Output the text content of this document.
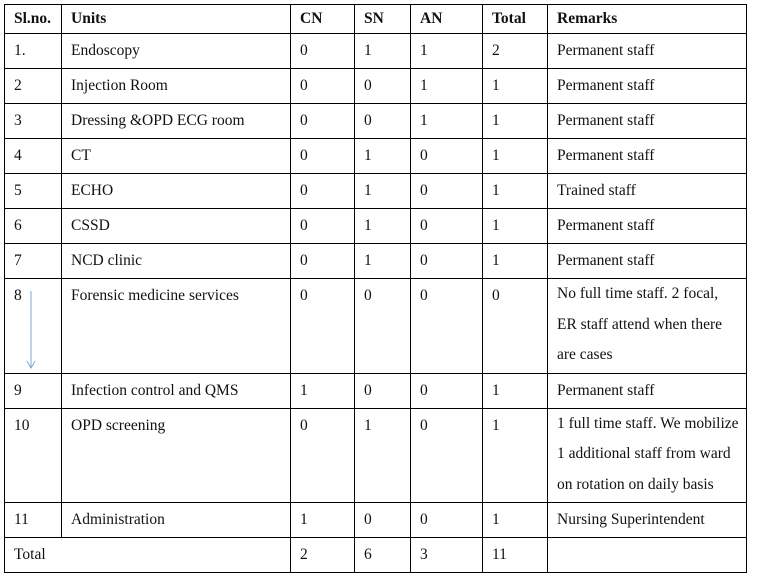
Sl.no.	Units	CN	SN	AN	Total	Remarks
1.	Endoscopy	0	1	1	2	Permanent staff
2	Injection Room	0	0	1	1	Permanent staff
3	Dressing &OPD ECG room	0	0	1	1	Permanent staff
4	CT	0	1	0	1	Permanent staff
5	ECHO	0	1	0	1	Trained staff
6	CSSD	0	1	0	1	Permanent staff
7	NCD clinic	0	1	0	1	Permanent staff
8	Forensic medicine services	0	0	0	0	No full time staff. 2 focal, ER staff attend when there are cases
9	Infection control and QMS	1	0	0	1	Permanent staff
10	OPD screening	0	1	0	1	1 full time staff. We mobilize 1 additional staff from ward on rotation on daily basis
11	Administration	1	0	0	1	Nursing Superintendent
Total		2	6	3	11	
